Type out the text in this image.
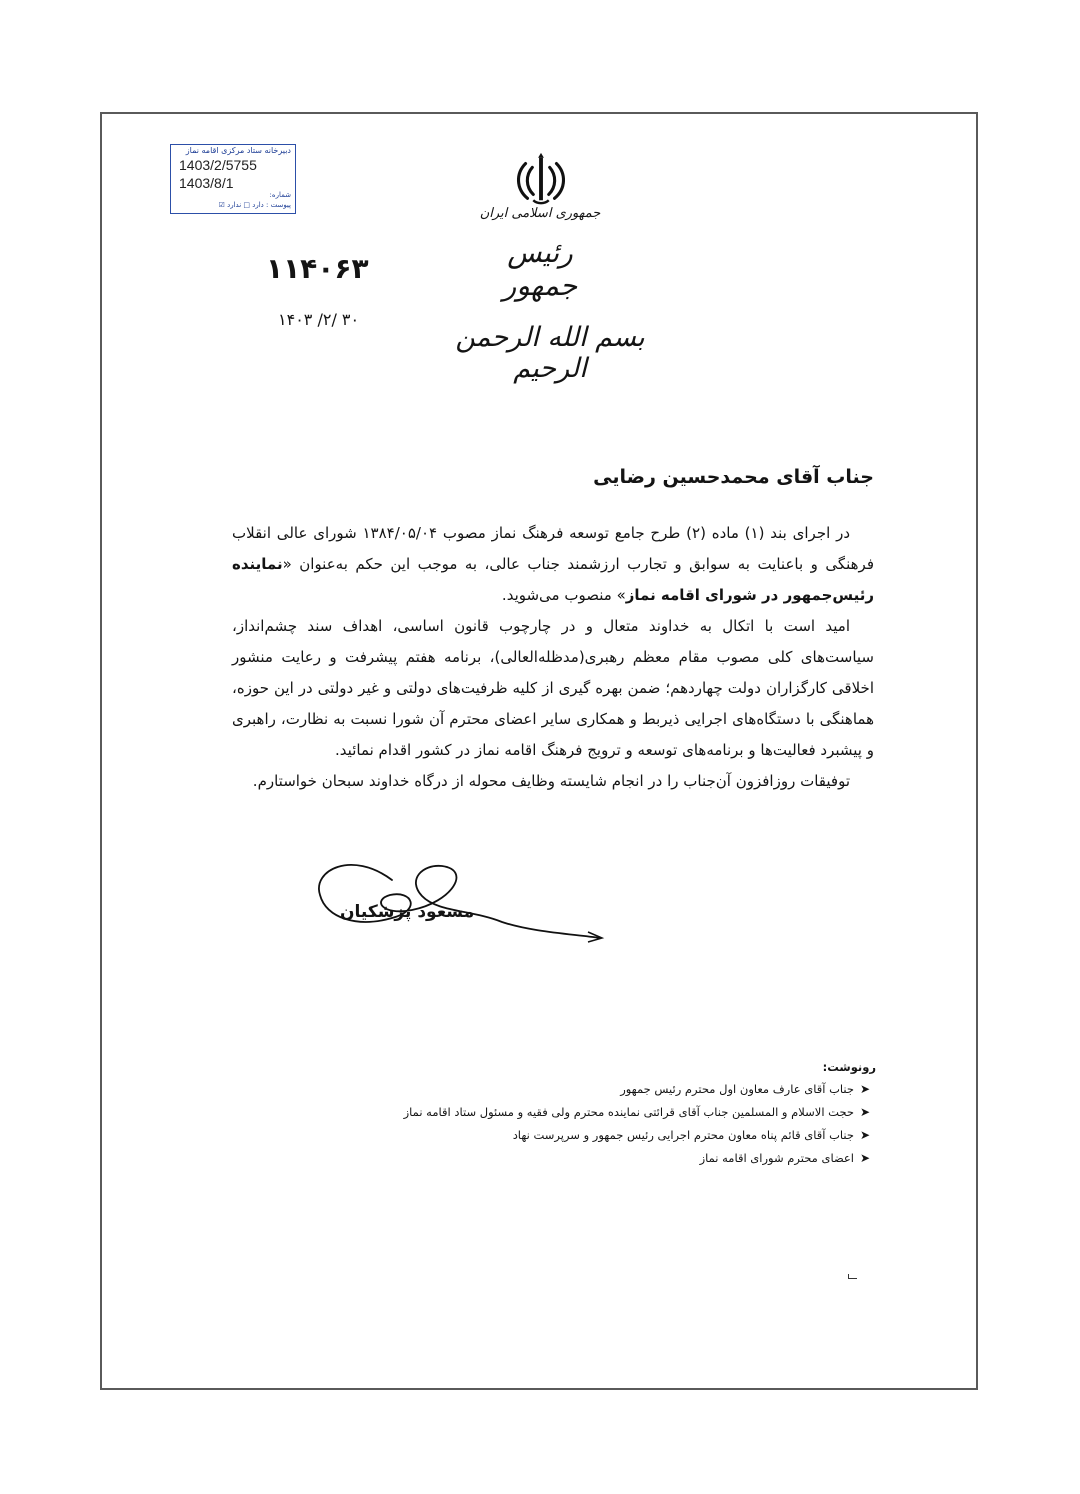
دبیرخانه ستاد مرکزی اقامه نماز
1403/2/5755
1403/8/1
شماره:
پیوست : دارد □ ندارد ☑
جمهوری اسلامی ایران
رئیس جمهور
بسم الله الرحمن الرحیم
۱۱۴۰۶۳
۱۴۰۳ /۲/ ۳۰
جناب آقای محمدحسین رضایی

در اجرای بند (۱) ماده (۲) طرح جامع توسعه فرهنگ نماز مصوب ۱۳۸۴/۰۵/۰۴ شورای عالی انقلاب فرهنگی و باعنایت به سوابق و تجارب ارزشمند جناب عالی، به موجب این حکم به‌عنوان «نماینده رئیس‌جمهور در شورای اقامه نماز» منصوب می‌شوید.

امید است با اتکال به خداوند متعال و در چارچوب قانون اساسی، اهداف سند چشم‌انداز، سیاست‌های کلی مصوب مقام معظم رهبری(مدظله‌العالی)، برنامه هفتم پیشرفت و رعایت منشور اخلاقی کارگزاران دولت چهاردهم؛ ضمن بهره گیری از کلیه ظرفیت‌های دولتی و غیر دولتی در این حوزه، هماهنگی با دستگاه‌های اجرایی ذیربط و همکاری سایر اعضای محترم آن شورا نسبت به نظارت، راهبری و پیشبرد فعالیت‌ها و برنامه‌های توسعه و ترویج فرهنگ اقامه نماز در کشور اقدام نمائید.

توفیقات روزافزون آن‌جناب را در انجام شایسته وظایف محوله از درگاه خداوند سبحان خواستارم.

مسعود پزشکیان
رونوشت:
➤جناب آقای عارف معاون اول محترم رئیس جمهور
➤حجت الاسلام و المسلمین جناب آقای قرائتی نماینده محترم ولی فقیه و مسئول ستاد اقامه نماز
➤جناب آقای قائم پناه معاون محترم اجرایی رئیس جمهور و سرپرست نهاد
➤اعضای محترم شورای اقامه نماز
